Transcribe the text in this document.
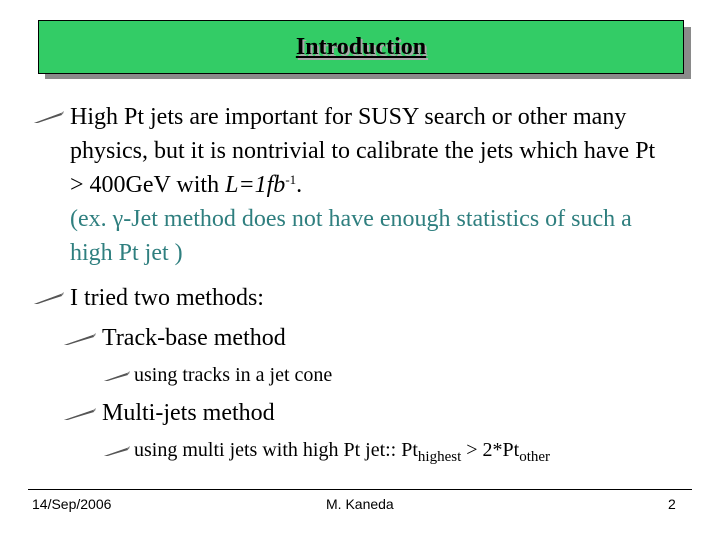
Introduction
High Pt jets are important for SUSY search or other many physics, but it is nontrivial to calibrate the jets which have Pt > 400GeV with $L=1fb^{-1}$.
(ex. γ-Jet method does not have enough statistics of such a high Pt jet )
I tried two methods:
Track-base method
using tracks in a jet cone
Multi-jets method
using multi jets with high Pt jet:: $Pt_{highest} > 2*Pt_{other}$
14/Sep/2006	M. Kaneda	2
